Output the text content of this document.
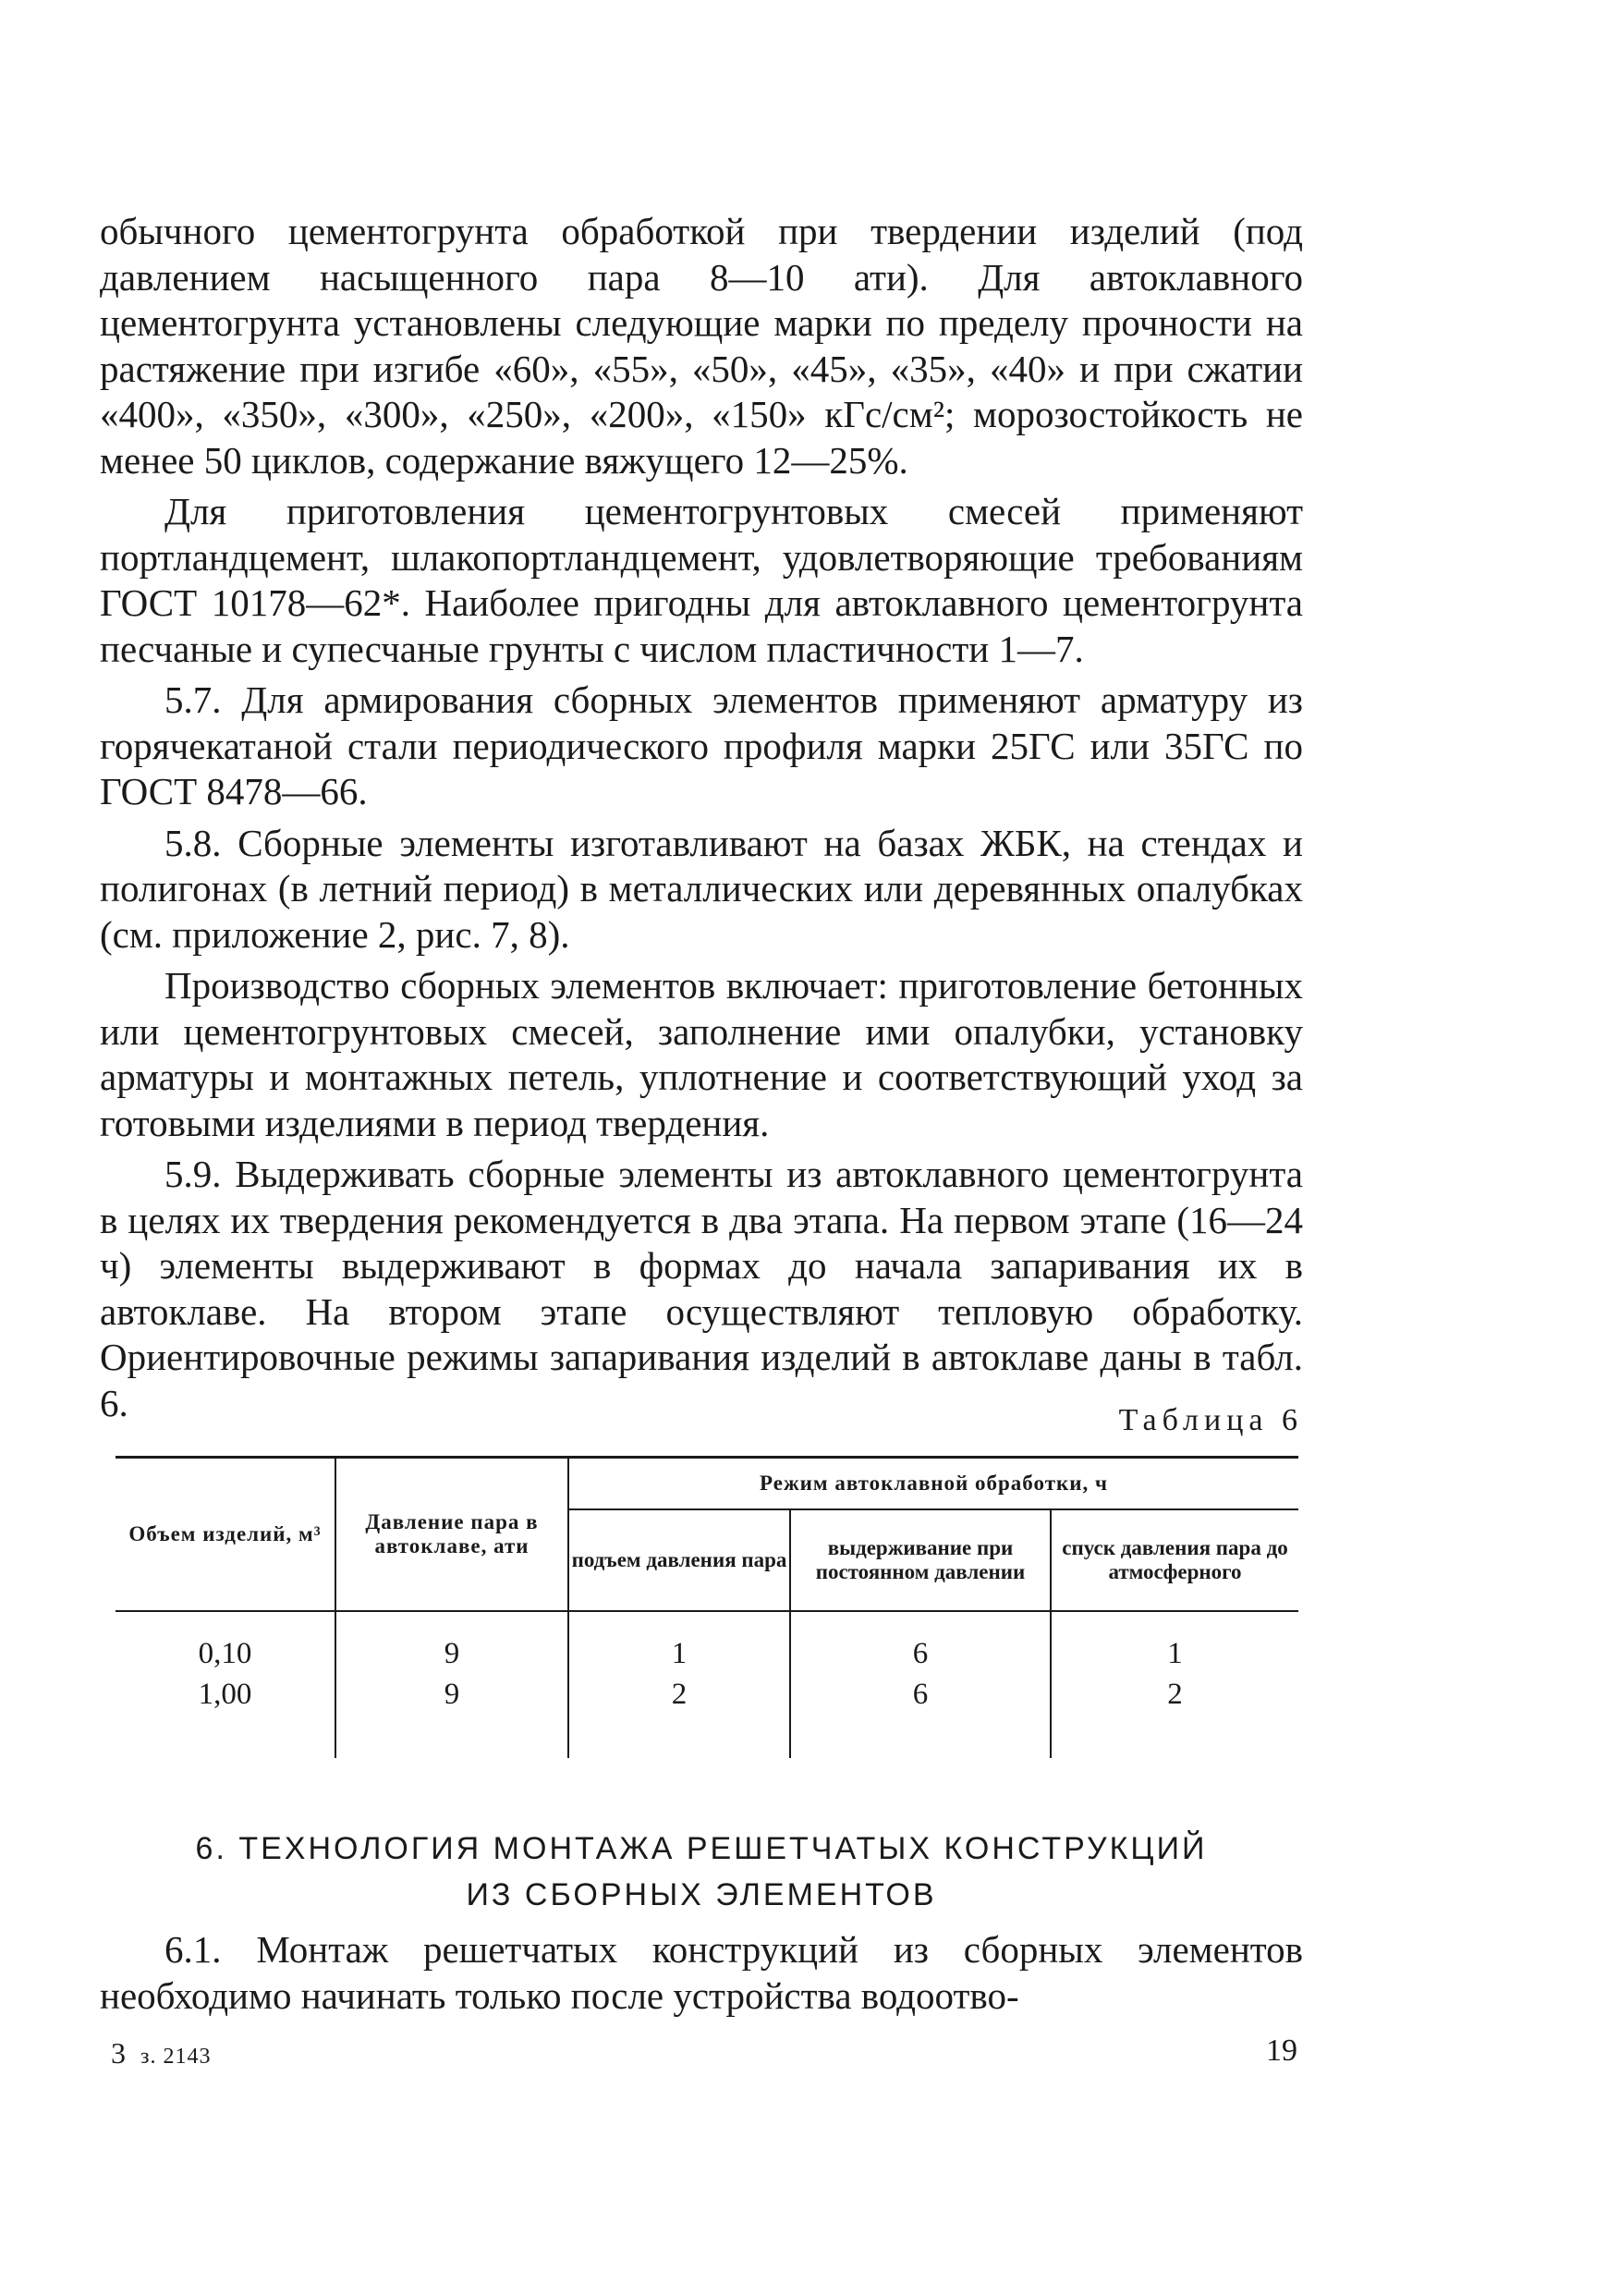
обычного цементогрунта обработкой при твердении изделий (под давлением насыщенного пара 8—10 ати). Для автоклавного цементогрунта установлены следующие марки по пределу прочности на растяжение при изгибе «60», «55», «50», «45», «35», «40» и при сжатии «400», «350», «300», «250», «200», «150» кГс/см²; морозостойкость не менее 50 циклов, содержание вяжущего 12—25%.

Для приготовления цементогрунтовых смесей применяют портландцемент, шлакопортландцемент, удовлетворяющие требованиям ГОСТ 10178—62*. Наиболее пригодны для автоклавного цементогрунта песчаные и супесчаные грунты с числом пластичности 1—7.

5.7. Для армирования сборных элементов применяют арматуру из горячекатаной стали периодического профиля марки 25ГС или 35ГС по ГОСТ 8478—66.

5.8. Сборные элементы изготавливают на базах ЖБК, на стендах и полигонах (в летний период) в металлических или деревянных опалубках (см. приложение 2, рис. 7, 8).

Производство сборных элементов включает: приготовление бетонных или цементогрунтовых смесей, заполнение ими опалубки, установку арматуры и монтажных петель, уплотнение и соответствующий уход за готовыми изделиями в период твердения.

5.9. Выдерживать сборные элементы из автоклавного цементогрунта в целях их твердения рекомендуется в два этапа. На первом этапе (16—24 ч) элементы выдерживают в формах до начала запаривания их в автоклаве. На втором этапе осуществляют тепловую обработку. Ориентировочные режимы запаривания изделий в автоклаве даны в табл. 6.	Таблица 6
Объем изделий, м³	Давление пара в автоклаве, ати	Режим автоклавной обработки, ч		
		подъем давления пара	выдерживание при постоянном давлении	спуск давления пара до атмосферного
0,10	9	1	6	1
1,00	9	2	6	2
6. ТЕХНОЛОГИЯ МОНТАЖА РЕШЕТЧАТЫХ КОНСТРУКЦИЙ
ИЗ СБОРНЫХ ЭЛЕМЕНТОВ

6.1. Монтаж решетчатых конструкций из сборных элементов необходимо начинать только после устройства водоотво-

3 з. 2143	19
